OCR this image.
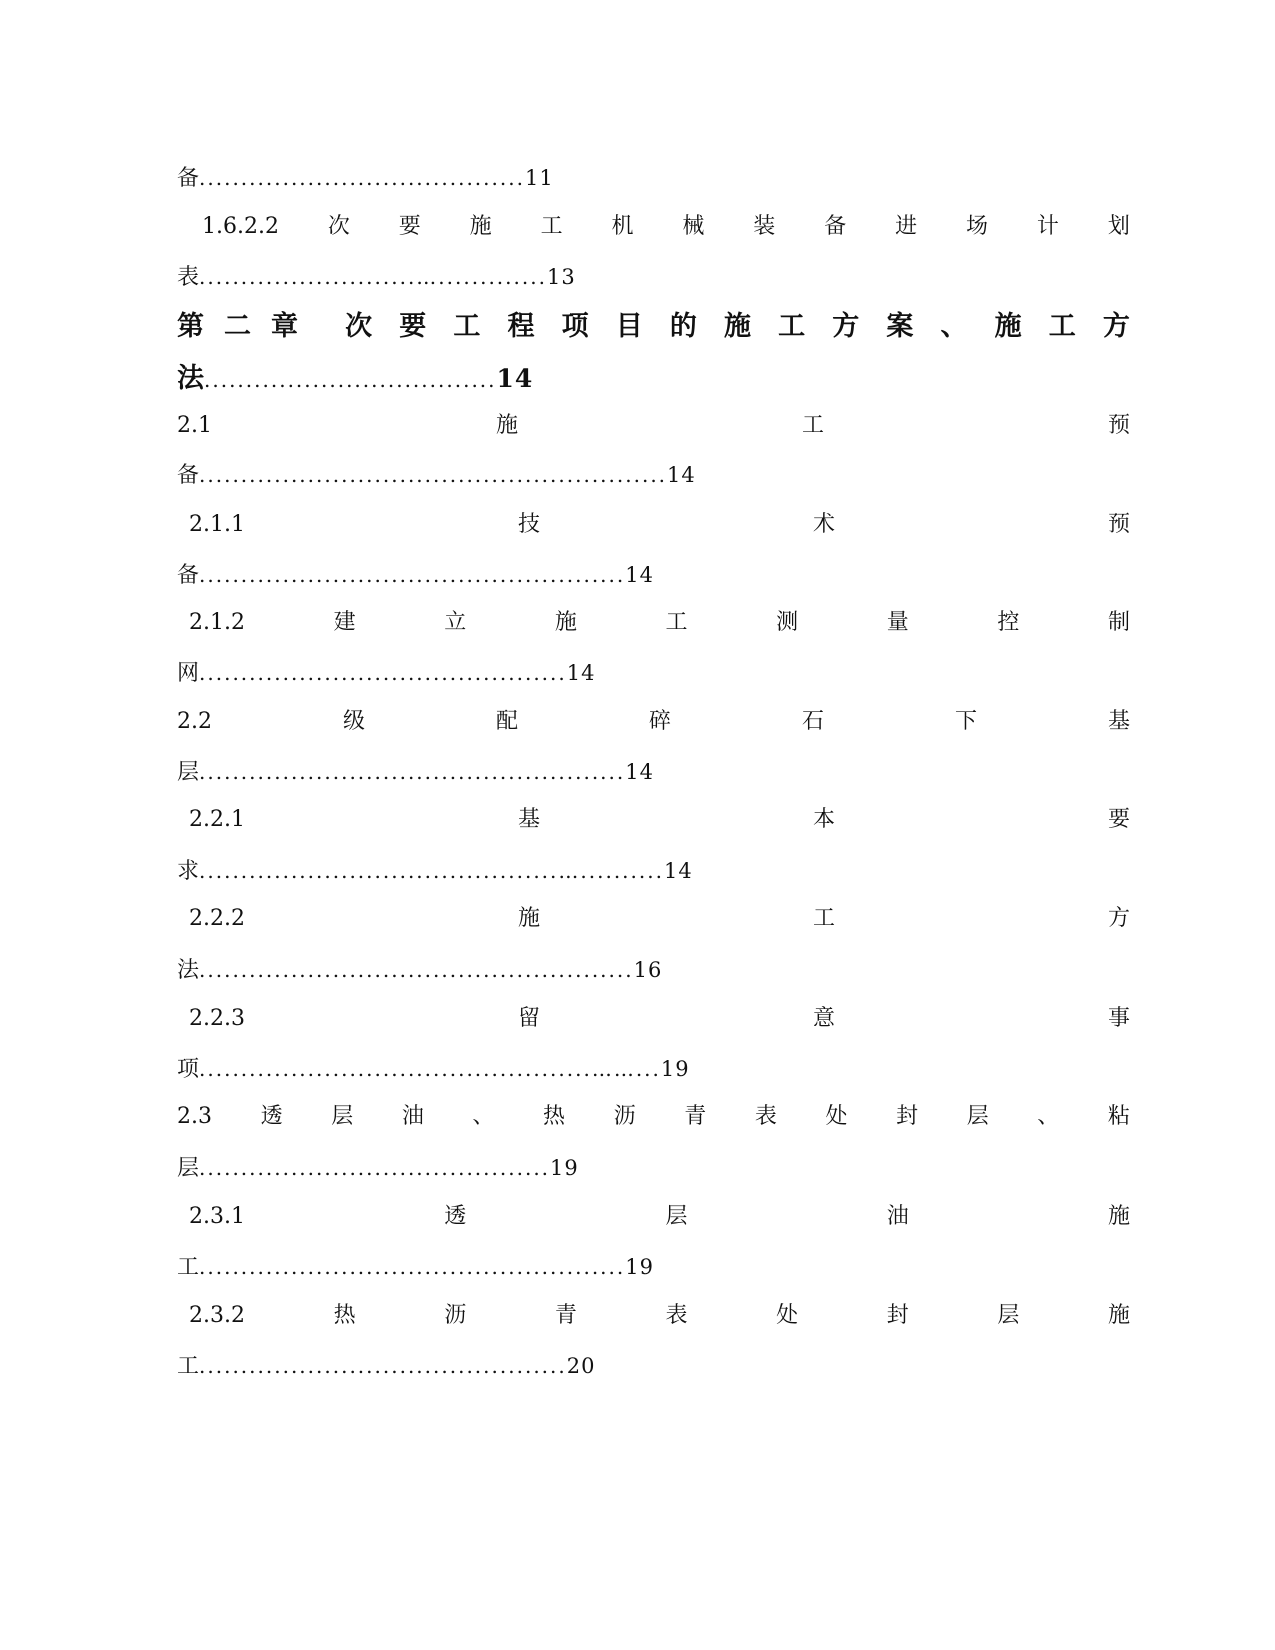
备.......................................11
1.6.2.2 次 要 施 工 机 械 装 备 进 场 计 划
表..........................….............13
第二章 次 要 工 程 项 目 的 施 工 方 案 、 施 工 方
法...................................14
2.1	施	工	预
备........................................................14
2.1.1	技	术	预
备...................................................14
2.1.2	建	立	施	工	测	量	控	制
网............................................14
2.2	级	配	碎	石	下	基
层...................................................14
2.2.1	基	本	要
求...........................................…..........14
2.2.2	施	工	方
法....................................................16
2.2.3	留	意	事
项...............................................……...19
2.3 透 层 油 、 热 沥 青 表 处 封 层 、 粘
层..........................................19
2.3.1	透	层	油	施
工...................................................19
2.3.2	热	沥	青	表	处	封	层	施
工............................................20
